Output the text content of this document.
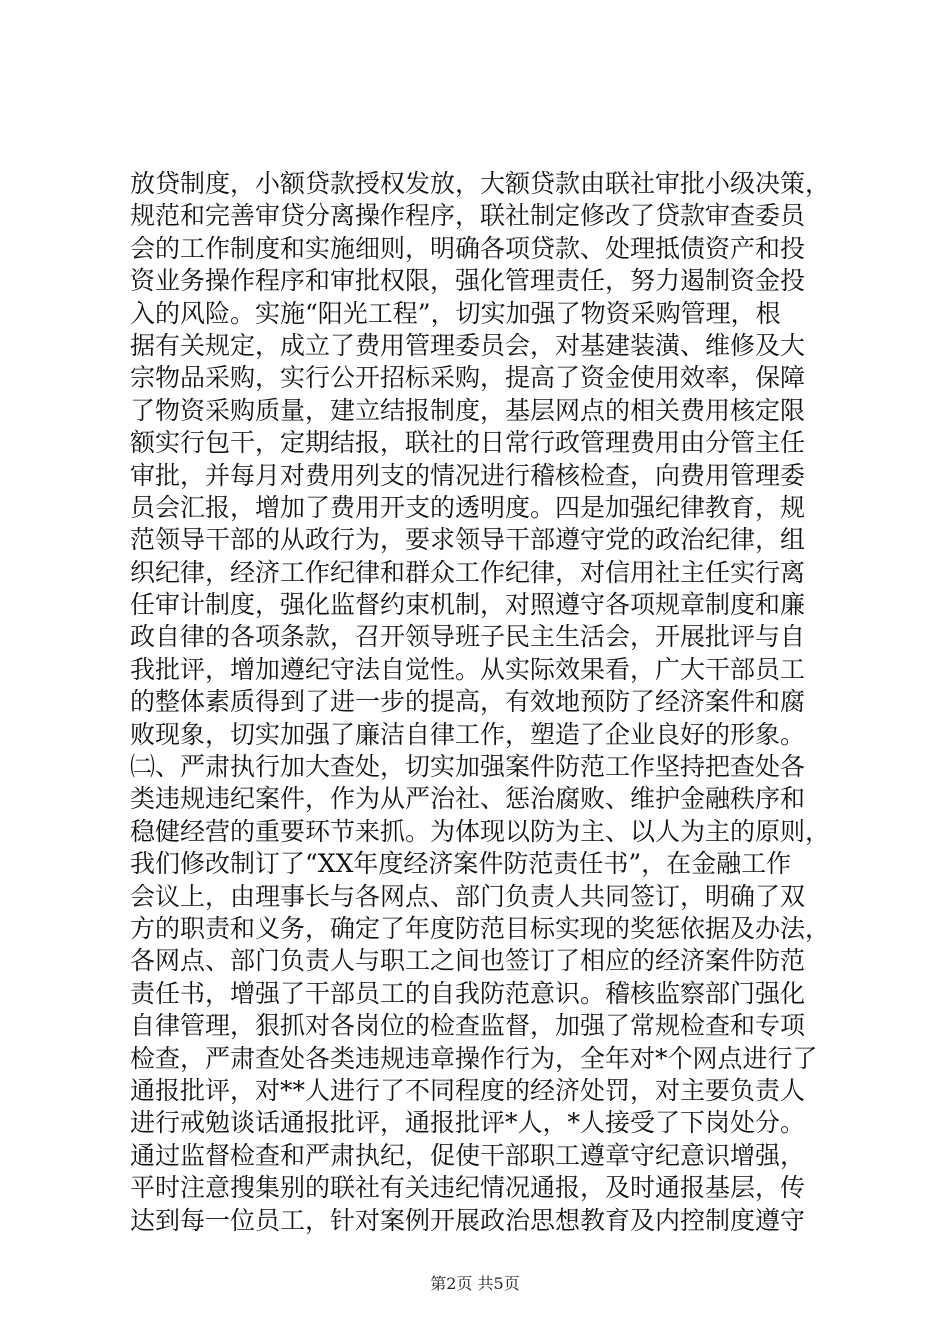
放贷制度，小额贷款授权发放，大额贷款由联社审批小级决策，
规范和完善审贷分离操作程序，联社制定修改了贷款审查委员
会的工作制度和实施细则，明确各项贷款、处理抵债资产和投
资业务操作程序和审批权限，强化管理责任，努力遏制资金投
入的风险。实施“阳光工程”，切实加强了物资采购管理，根
据有关规定，成立了费用管理委员会，对基建装潢、维修及大
宗物品采购，实行公开招标采购，提高了资金使用效率，保障
了物资采购质量，建立结报制度，基层网点的相关费用核定限
额实行包干，定期结报，联社的日常行政管理费用由分管主任
审批，并每月对费用列支的情况进行稽核检查，向费用管理委
员会汇报，增加了费用开支的透明度。四是加强纪律教育，规
范领导干部的从政行为，要求领导干部遵守党的政治纪律，组
织纪律，经济工作纪律和群众工作纪律，对信用社主任实行离
任审计制度，强化监督约束机制，对照遵守各项规章制度和廉
政自律的各项条款，召开领导班子民主生活会，开展批评与自
我批评，增加遵纪守法自觉性。从实际效果看，广大干部员工
的整体素质得到了进一步的提高，有效地预防了经济案件和腐
败现象，切实加强了廉洁自律工作，塑造了企业良好的形象。
㈡、严肃执行加大查处，切实加强案件防范工作坚持把查处各
类违规违纪案件，作为从严治社、惩治腐败、维护金融秩序和
稳健经营的重要环节来抓。为体现以防为主、以人为主的原则，
我们修改制订了“XX年度经济案件防范责任书”，在金融工作
会议上，由理事长与各网点、部门负责人共同签订，明确了双
方的职责和义务，确定了年度防范目标实现的奖惩依据及办法，
各网点、部门负责人与职工之间也签订了相应的经济案件防范
责任书，增强了干部员工的自我防范意识。稽核监察部门强化
自律管理，狠抓对各岗位的检查监督，加强了常规检查和专项
检查，严肃查处各类违规违章操作行为，全年对*个网点进行了
通报批评，对**人进行了不同程度的经济处罚，对主要负责人
进行戒勉谈话通报批评，通报批评*人，*人接受了下岗处分。
通过监督检查和严肃执纪，促使干部职工遵章守纪意识增强，
平时注意搜集别的联社有关违纪情况通报，及时通报基层，传
达到每一位员工，针对案例开展政治思想教育及内控制度遵守
第2页 共5页
